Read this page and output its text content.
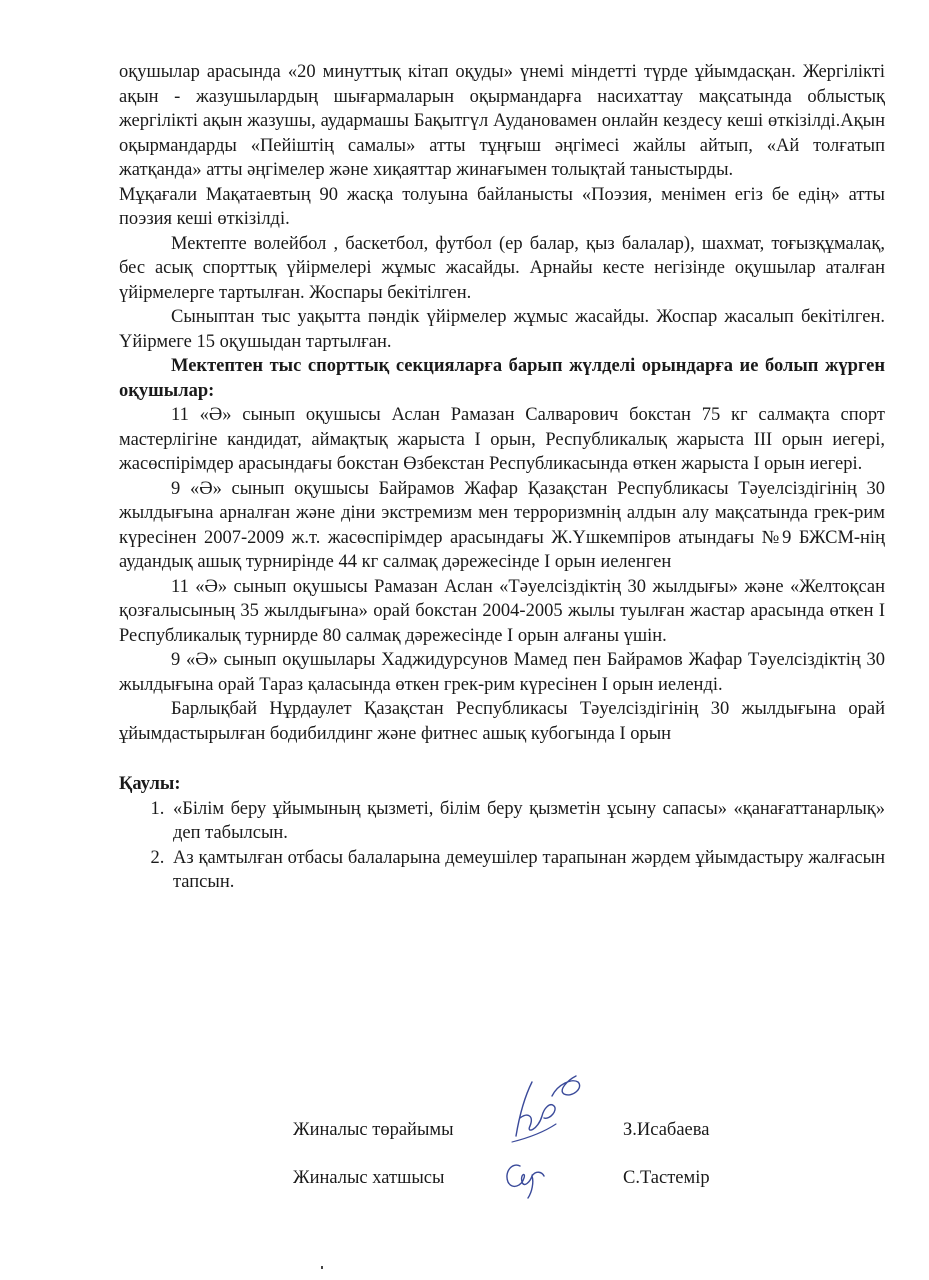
оқушылар арасында «20 минуттық кітап оқуды» үнемі міндетті түрде ұйымдасқан. Жергілікті ақын - жазушылардың шығармаларын оқырмандарға насихаттау мақсатында облыстық жергілікті ақын жазушы, аудармашы Бақытгүл Аудановамен онлайн кездесу кеші өткізілді.Ақын оқырмандарды «Пейіштің самалы» атты тұңғыш әңгімесі жайлы айтып, «Ай толғатып жатқанда» атты әңгімелер және хиқаяттар жинағымен толықтай таныстырды.

Мұқағали Мақатаевтың 90 жасқа толуына байланысты «Поэзия, менімен егіз бе едің» атты поэзия кеші өткізілді.

Мектепте волейбол , баскетбол, футбол (ер балар, қыз балалар), шахмат, тоғызқұмалақ, бес асық спорттық үйірмелері жұмыс жасайды. Арнайы кесте негізінде оқушылар аталған үйірмелерге тартылған. Жоспары бекітілген.

Сыныптан тыс уақытта пәндік үйірмелер жұмыс жасайды. Жоспар жасалып бекітілген. Үйірмеге 15 оқушыдан тартылған.

Мектептен тыс спорттық секцияларға барып жүлделі орындарға ие болып жүрген оқушылар:

11 «Ә» сынып оқушысы Аслан Рамазан Салварович бокстан 75 кг салмақта спорт мастерлігіне кандидат, аймақтық жарыста І орын, Республикалық жарыста ІІІ орын иегері, жасөспірімдер арасындағы бокстан Өзбекстан Республикасында өткен жарыста І орын иегері.

9 «Ә» сынып оқушысы Байрамов Жафар Қазақстан Республикасы Тәуелсіздігінің 30 жылдығына арналған және діни экстремизм мен терроризмнің алдын алу мақсатында грек-рим күресінен 2007-2009 ж.т. жасөспірімдер арасындағы Ж.Үшкемпіров атындағы №9 БЖСМ-нің аудандық ашық турнирінде 44 кг салмақ дәрежесінде І орын иеленген

11 «Ә» сынып оқушысы Рамазан Аслан «Тәуелсіздіктің 30 жылдығы» және «Желтоқсан қозғалысының 35 жылдығына» орай бокстан 2004-2005 жылы туылған жастар арасында өткен І Республикалық турнирде 80 салмақ дәрежесінде І орын алғаны үшін.

9 «Ә» сынып оқушылары Хаджидурсунов Мамед пен Байрамов Жафар Тәуелсіздіктің 30 жылдығына орай Тараз қаласында өткен грек-рим күресінен І орын иеленді.

Барлықбай Нұрдаулет Қазақстан Республикасы Тәуелсіздігінің 30 жылдығына орай ұйымдастырылған бодибилдинг және фитнес ашық кубогында І орын

Қаулы:

1. «Білім беру ұйымының қызметі, білім беру қызметін ұсыну сапасы» «қанағаттанарлық» деп табылсын.
2. Аз қамтылған отбасы балаларына демеушілер тарапынан жәрдем ұйымдастыру жалғасын тапсын.
Жиналыс төрайымы	З.Исабаева
Жиналыс хатшысы	С.Тастемір
